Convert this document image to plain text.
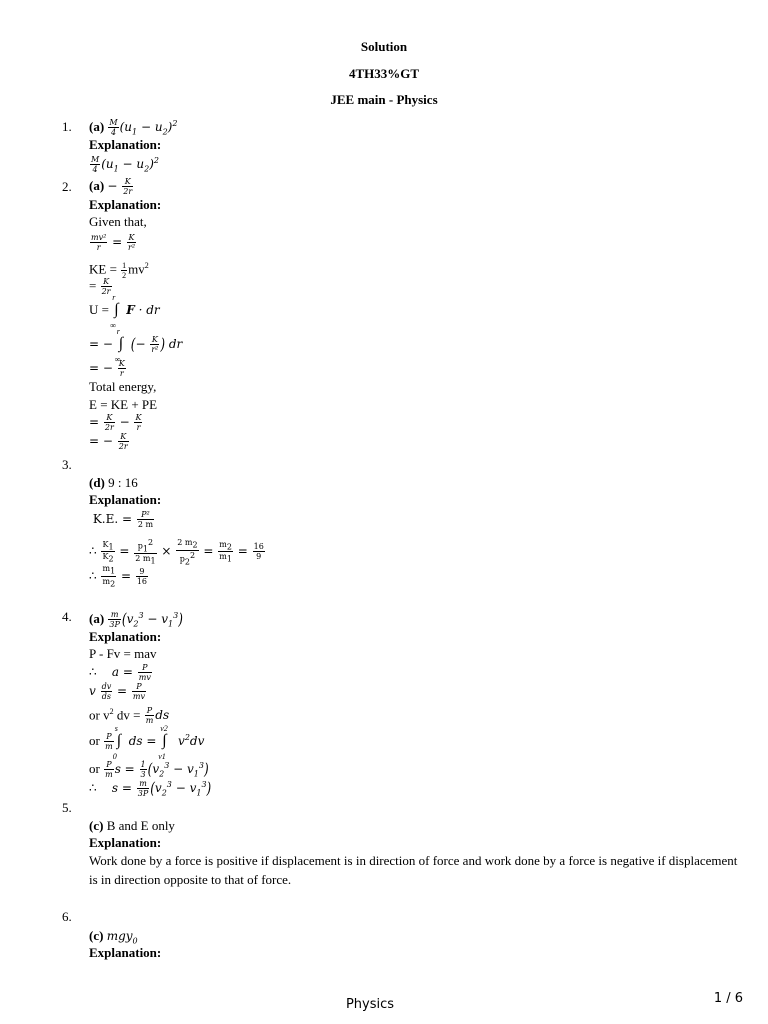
Solution
4TH33%GT
JEE main - Physics
1. $(a) \frac{M}{4} (u_1 - u_2)^2$
Explanation:
$\frac{M}{4} (u_1 - u_2)^2$
2. $(a) - \frac{K}{2r}$
Explanation:
Given that,
$\frac{\text{mv²}}{r} = \frac{K}{\text{r²}}$
KE = $\frac{1}{2} mv^2$
= $\frac{K}{2r}$
U =
r
∫
∞
F · dr
= −
r
∫
∞
(− $\frac{K}{\text{r²}}$ ) dr
= − $\frac{K}{r}$
Total energy,
E = KE + PE
= $\frac{K}{2r} - \frac{K}{r}$
= − $\frac{K}{2r}$
3.
(d) 9 : 16
Explanation:
K.E. = $\frac{\text{P²}}{2 m}$
∴ $\frac{K_1}{K_2} = \frac{p_1^2}{2 m_1} \times \frac{2 m_2}{p_2^2} = \frac{m_2}{m_1} = \frac{16}{9}$
∴ $\frac{m_1}{m_2} = \frac{9}{16}$
4. $(a) \frac{m}{3P} (v_2^3 - v_1^3)$
Explanation:
P - Fv = mav
∴    $a = \frac{P}{mv}$
v $\frac{dv}{ds} = \frac{P}{mv}$
or $v^2$ dv = $\frac{P}{m}$ ds
or $\frac{P}{m}$
s
∫
0
ds =
v2
∫
v1
$v^2dv$
or $\frac{P}{m}$ $s = \frac{1}{3} (v_2^3 - v_1^3)$
∴    $s = \frac{m}{3P} (v_2^3 - v_1^3)$
5.
(c) B and E only
Explanation:
Work done by a force is positive if displacement is in direction of force and work done by a force is negative if displacement is in direction opposite to that of force.
6.
(c) mgy$_0$
Explanation:
Physics	1 / 6
